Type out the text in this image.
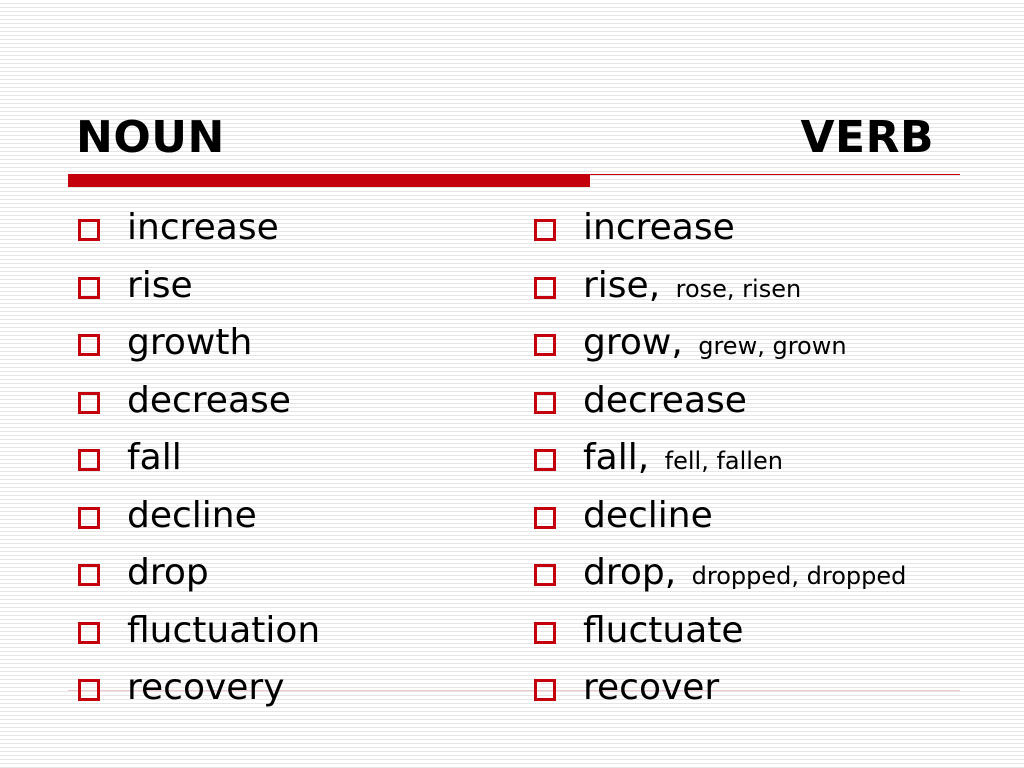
NOUN	VERB
increase
rise
growth
decrease
fall
decline
drop
fluctuation
recovery
increase
rise, rose, risen
grow, grew, grown
decrease
fall, fell, fallen
decline
drop, dropped, dropped
fluctuate
recover
